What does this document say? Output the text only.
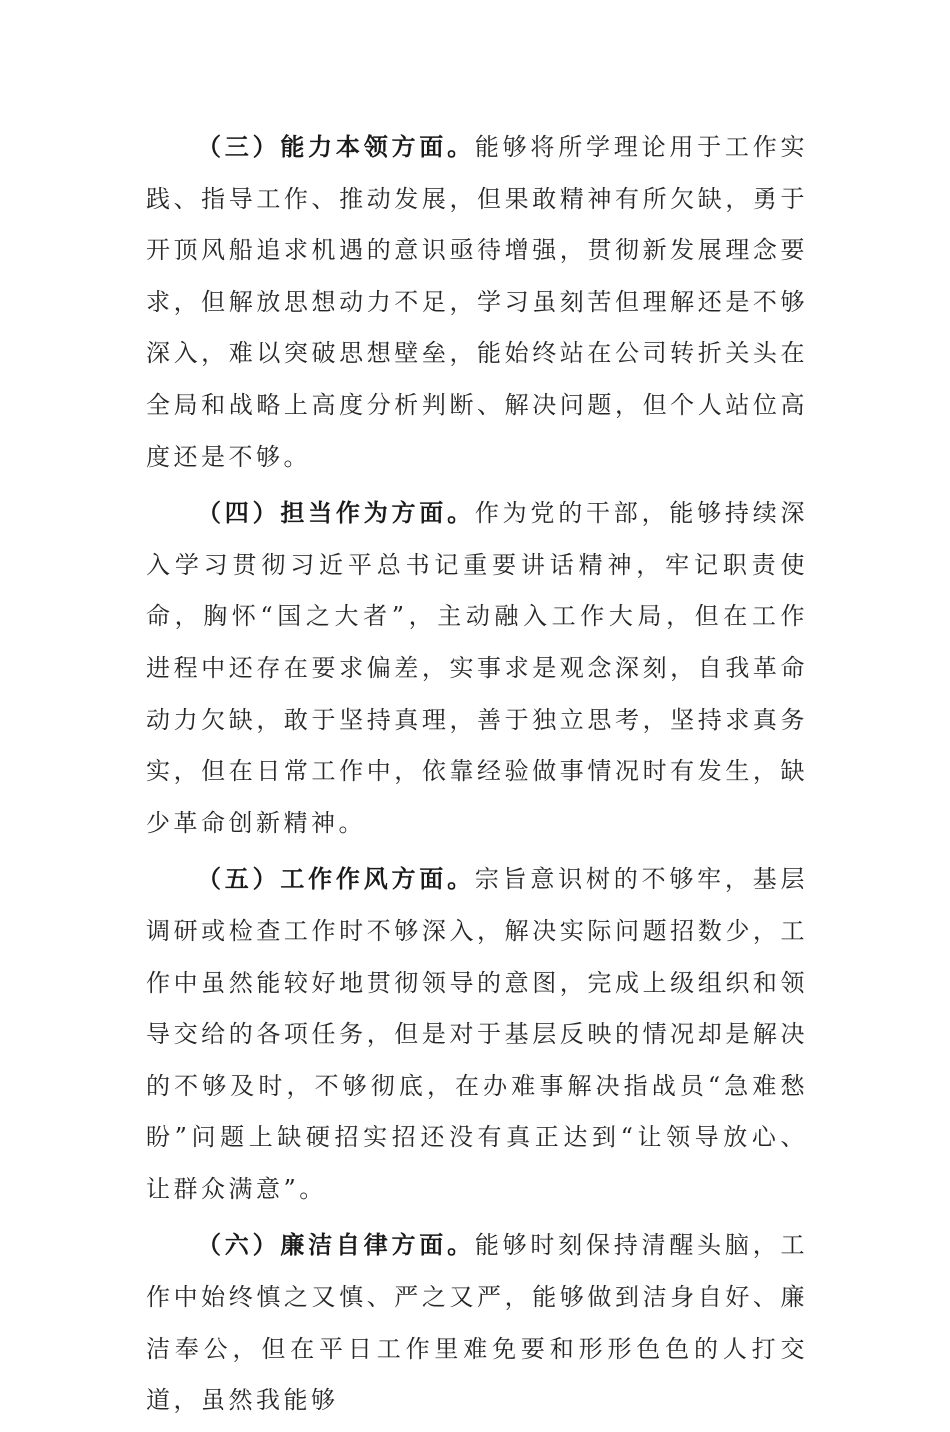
（三）能力本领方面。能够将所学理论用于工作实践、指导工作、推动发展，但果敢精神有所欠缺，勇于开顶风船追求机遇的意识亟待增强，贯彻新发展理念要求，但解放思想动力不足，学习虽刻苦但理解还是不够深入，难以突破思想壁垒，能始终站在公司转折关头在全局和战略上高度分析判断、解决问题，但个人站位高度还是不够。

（四）担当作为方面。作为党的干部，能够持续深入学习贯彻习近平总书记重要讲话精神，牢记职责使命，胸怀“国之大者”，主动融入工作大局，但在工作进程中还存在要求偏差，实事求是观念深刻，自我革命动力欠缺，敢于坚持真理，善于独立思考，坚持求真务实，但在日常工作中，依靠经验做事情况时有发生，缺少革命创新精神。

（五）工作作风方面。宗旨意识树的不够牢，基层调研或检查工作时不够深入，解决实际问题招数少，工作中虽然能较好地贯彻领导的意图，完成上级组织和领导交给的各项任务，但是对于基层反映的情况却是解决的不够及时，不够彻底，在办难事解决指战员“急难愁盼”问题上缺硬招实招还没有真正达到“让领导放心、让群众满意”。

（六）廉洁自律方面。能够时刻保持清醒头脑，工作中始终慎之又慎、严之又严，能够做到洁身自好、廉洁奉公，但在平日工作里难免要和形形色色的人打交道，虽然我能够
